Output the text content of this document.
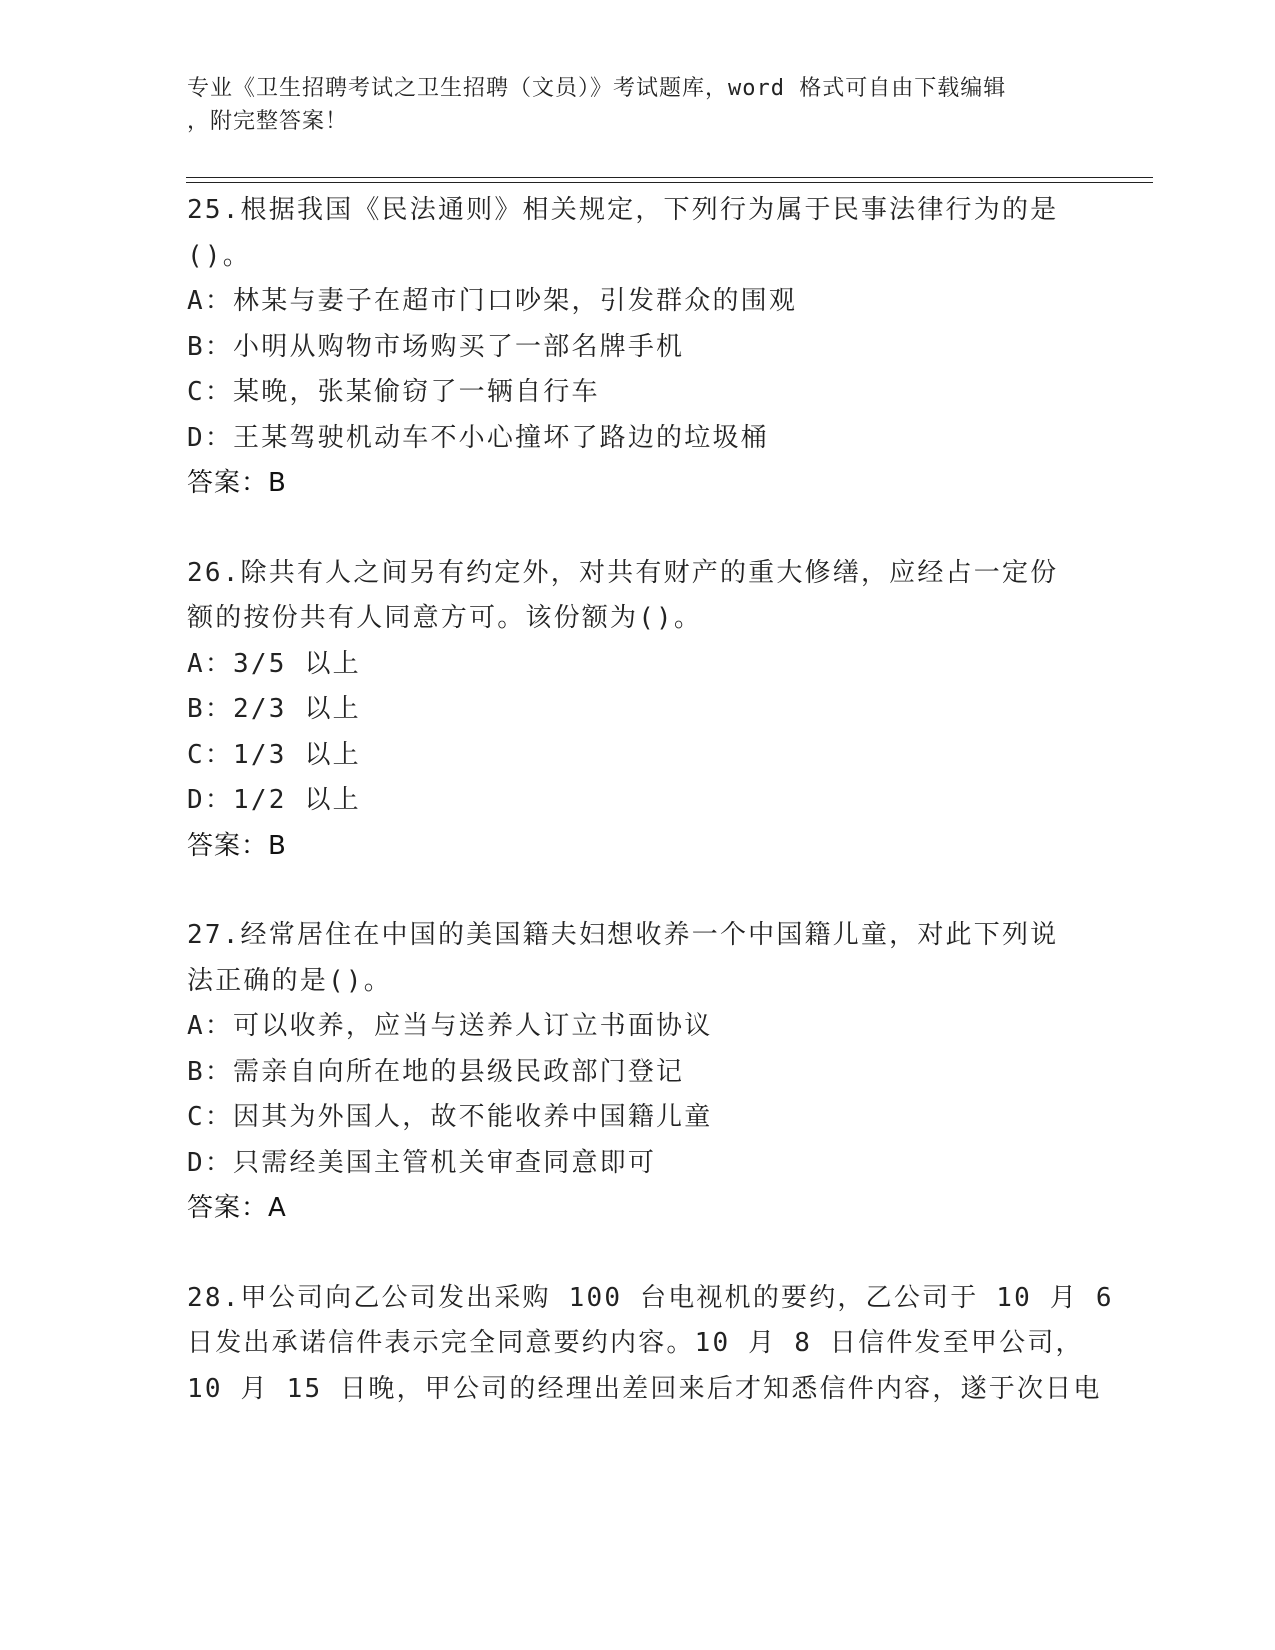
专业《卫生招聘考试之卫生招聘（文员）》考试题库，word 格式可自由下载编辑
，附完整答案！
25.根据我国《民法通则》相关规定，下列行为属于民事法律行为的是
()。
A：林某与妻子在超市门口吵架，引发群众的围观
B：小明从购物市场购买了一部名牌手机
C：某晚，张某偷窃了一辆自行车
D：王某驾驶机动车不小心撞坏了路边的垃圾桶
答案：B
26.除共有人之间另有约定外，对共有财产的重大修缮，应经占一定份
额的按份共有人同意方可。该份额为()。
A：3/5 以上
B：2/3 以上
C：1/3 以上
D：1/2 以上
答案：B
27.经常居住在中国的美国籍夫妇想收养一个中国籍儿童，对此下列说
法正确的是()。
A：可以收养，应当与送养人订立书面协议
B：需亲自向所在地的县级民政部门登记
C：因其为外国人，故不能收养中国籍儿童
D：只需经美国主管机关审查同意即可
答案：A
28.甲公司向乙公司发出采购 100 台电视机的要约，乙公司于 10 月 6
日发出承诺信件表示完全同意要约内容。10 月 8 日信件发至甲公司，
10 月 15 日晚，甲公司的经理出差回来后才知悉信件内容，遂于次日电
